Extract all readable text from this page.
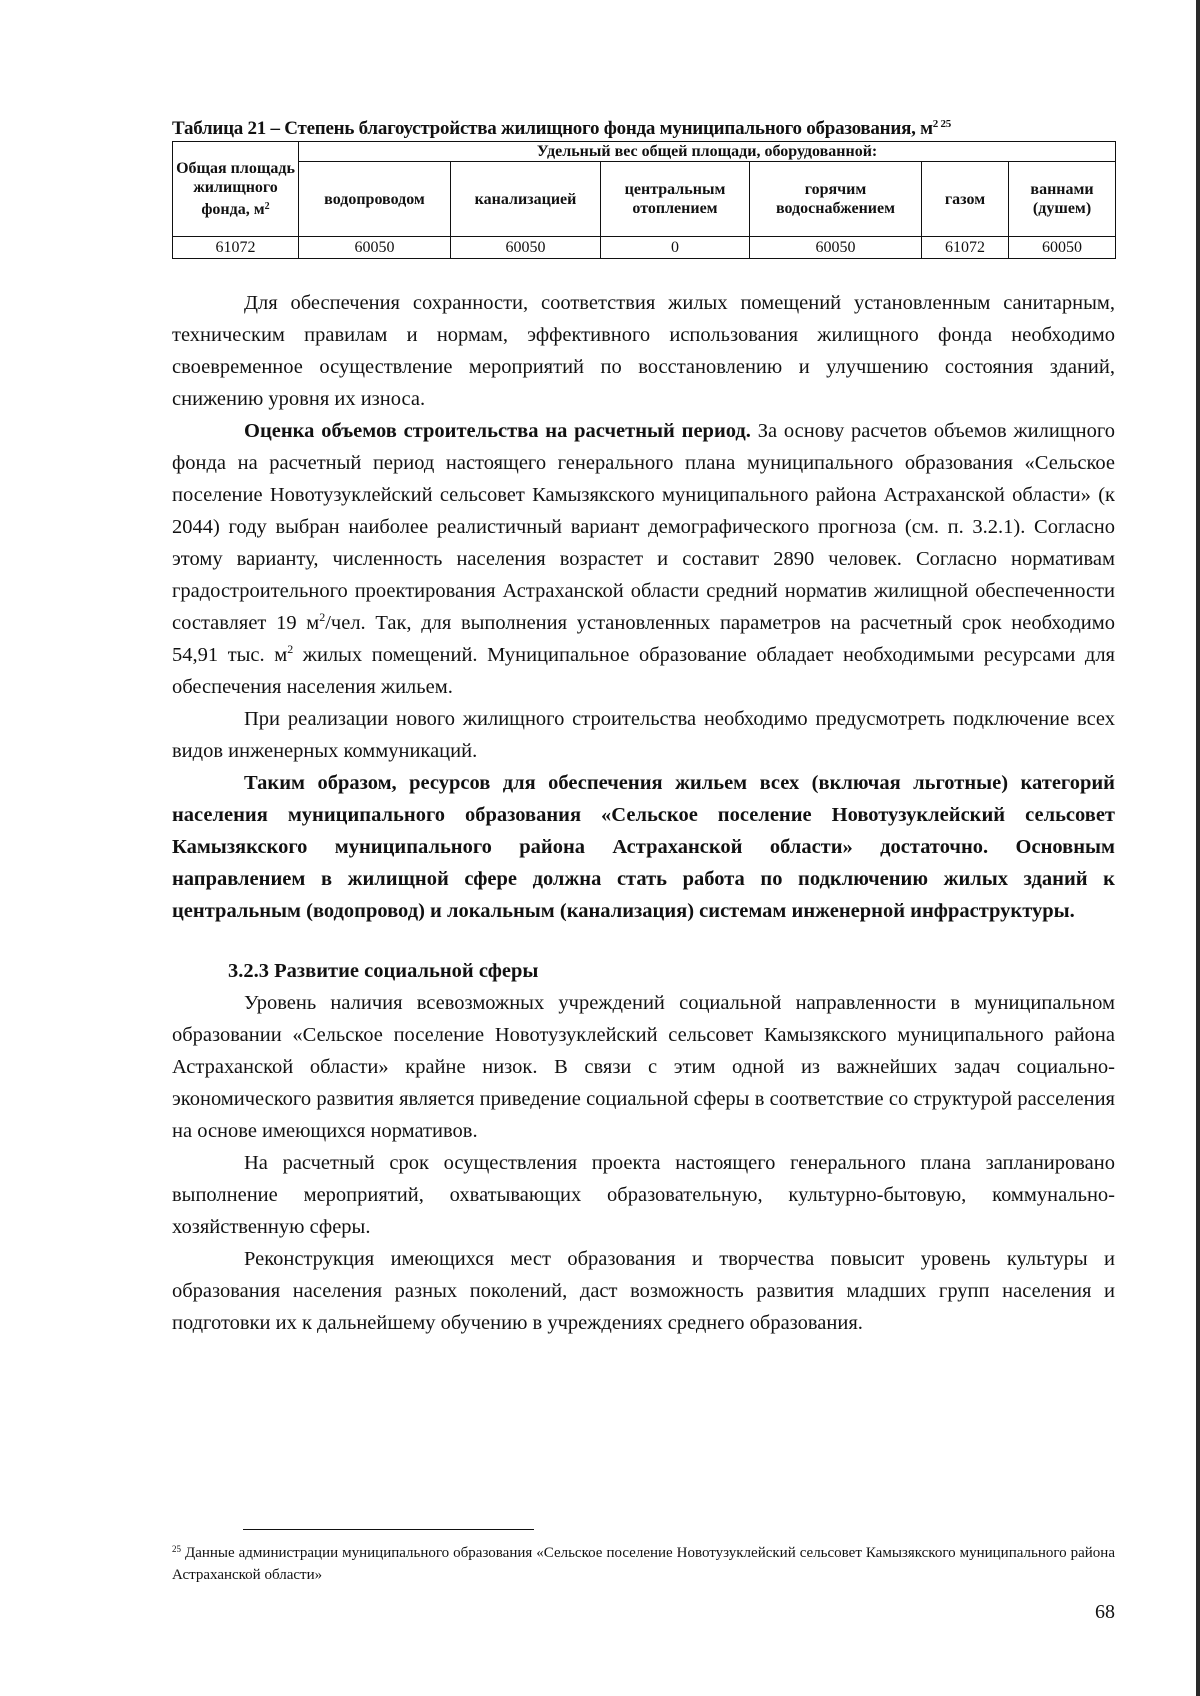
Таблица 21 – Степень благоустройства жилищного фонда муниципального образования, $м^{2 25}$
Общая площадь жилищного фонда, $м^2$	Удельный вес общей площади, оборудованной:					
	водопроводом	канализацией	центральным отоплением	горячим водоснабжением	газом	ваннами (душем)
61072	60050	60050	0	60050	61072	60050

Для обеспечения сохранности, соответствия жилых помещений установленным санитарным, техническим правилам и нормам, эффективного использования жилищного фонда необходимо своевременное осуществление мероприятий по восстановлению и улучшению состояния зданий, снижению уровня их износа.

Оценка объемов строительства на расчетный период. За основу расчетов объемов жилищного фонда на расчетный период настоящего генерального плана муниципального образования «Сельское поселение Новотузуклейский сельсовет Камызякского муниципального района Астраханской области» (к 2044) году выбран наиболее реалистичный вариант демографического прогноза (см. п. 3.2.1). Согласно этому варианту, численность населения возрастет и составит 2890 человек. Согласно нормативам градостроительного проектирования Астраханской области средний норматив жилищной обеспеченности составляет 19 $м^2$/чел. Так, для выполнения установленных параметров на расчетный срок необходимо 54,91 тыс. $м^2$ жилых помещений. Муниципальное образование обладает необходимыми ресурсами для обеспечения населения жильем.

При реализации нового жилищного строительства необходимо предусмотреть подключение всех видов инженерных коммуникаций.

Таким образом, ресурсов для обеспечения жильем всех (включая льготные) категорий населения муниципального образования «Сельское поселение Новотузуклейский сельсовет Камызякского муниципального района Астраханской области» достаточно. Основным направлением в жилищной сфере должна стать работа по подключению жилых зданий к центральным (водопровод) и локальным (канализация) системам инженерной инфраструктуры.

3.2.3 Развитие социальной сферы

Уровень наличия всевозможных учреждений социальной направленности в муниципальном образовании «Сельское поселение Новотузуклейский сельсовет Камызякского муниципального района Астраханской области» крайне низок. В связи с этим одной из важнейших задач социально-экономического развития является приведение социальной сферы в соответствие со структурой расселения на основе имеющихся нормативов.

На расчетный срок осуществления проекта настоящего генерального плана запланировано выполнение мероприятий, охватывающих образовательную, культурно-бытовую, коммунально-хозяйственную сферы.

Реконструкция имеющихся мест образования и творчества повысит уровень культуры и образования населения разных поколений, даст возможность развития младших групп населения и подготовки их к дальнейшему обучению в учреждениях среднего образования.

$^{25}$ Данные администрации муниципального образования «Сельское поселение Новотузуклейский сельсовет Камызякского муниципального района Астраханской области»
68
